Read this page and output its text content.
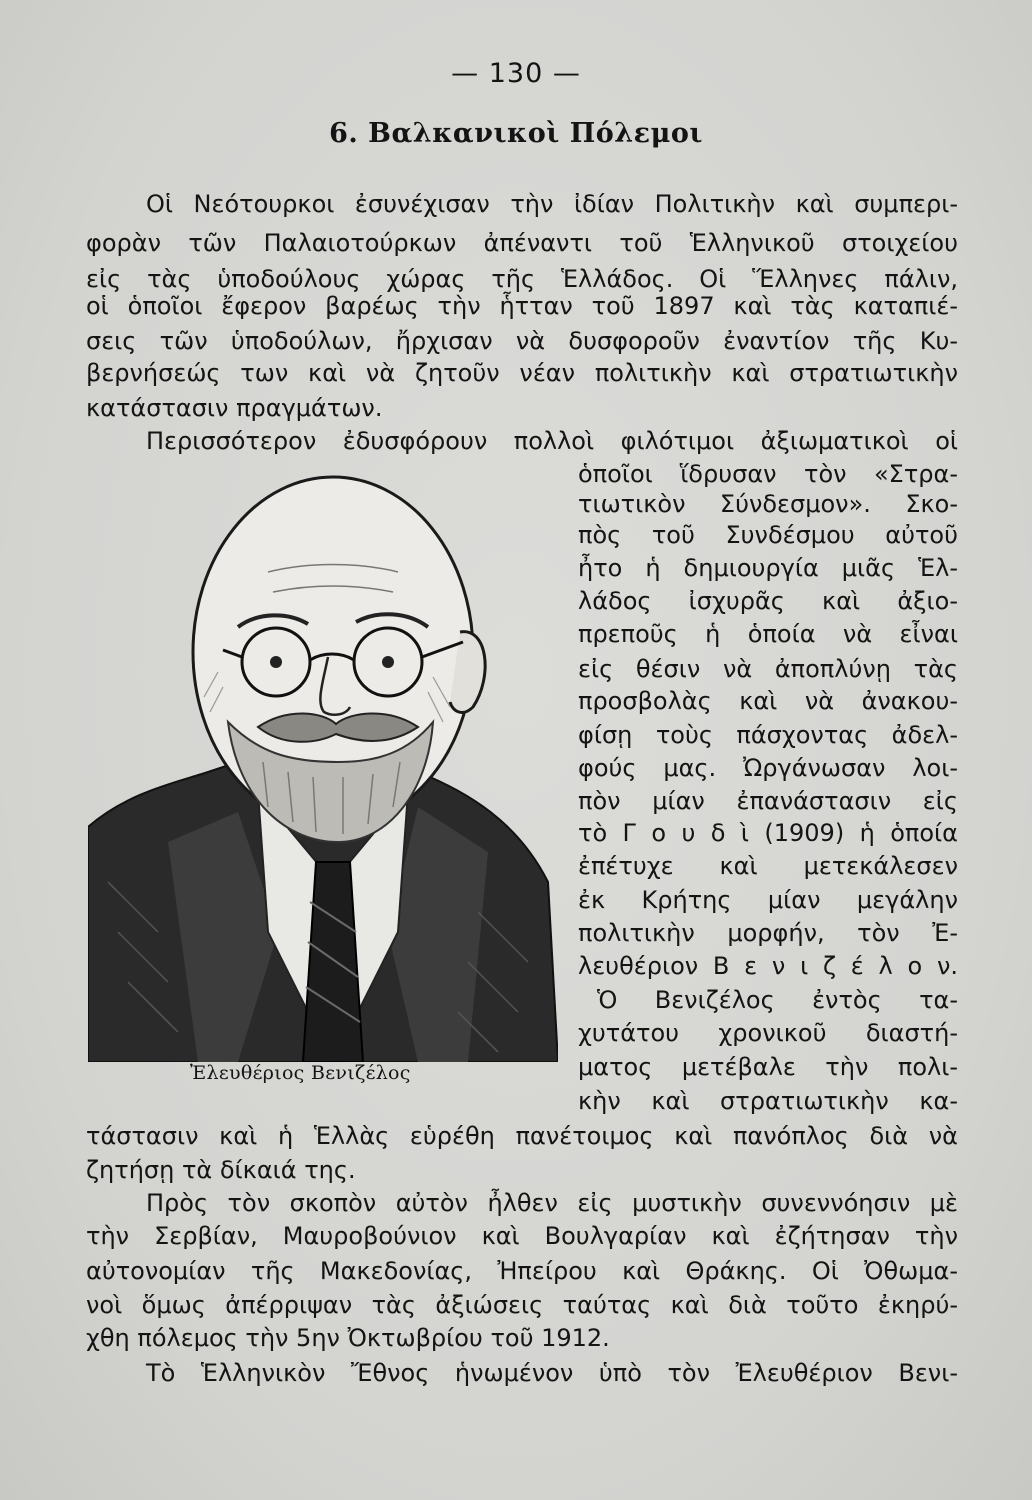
— 130 —
6. Βαλκανικοὶ Πόλεμοι
Οἱ Νεότουρκοι ἐσυνέχισαν τὴν ἰδίαν Πολιτικὴν καὶ συμπερι-
φορὰν τῶν Παλαιοτούρκων ἀπέναντι τοῦ Ἑλληνικοῦ στοιχείου
εἰς τὰς ὑποδούλους χώρας τῆς Ἑλλάδος. Οἱ Ἕλληνες πάλιν,
οἱ ὁποῖοι ἔφερον βαρέως τὴν ἧτταν τοῦ 1897 καὶ τὰς καταπιέ-
σεις τῶν ὑποδούλων, ἤρχισαν νὰ δυσφοροῦν ἐναντίον τῆς Κυ-
βερνήσεώς των καὶ νὰ ζητοῦν νέαν πολιτικὴν καὶ στρατιωτικὴν
κατάστασιν πραγμάτων.
Περισσότερον ἐδυσφόρουν πολλοὶ φιλότιμοι ἀξιωματικοὶ οἱ
ὁποῖοι ἵδρυσαν τὸν «Στρα-
τιωτικὸν Σύνδεσμον». Σκο-
πὸς τοῦ Συνδέσμου αὐτοῦ
ἦτο ἡ δημιουργία μιᾶς Ἑλ-
λάδος ἰσχυρᾶς καὶ ἀξιο-
πρεποῦς ἡ ὁποία νὰ εἶναι
εἰς θέσιν νὰ ἀποπλύνῃ τὰς
προσβολὰς καὶ νὰ ἀνακου-
φίσῃ τοὺς πάσχοντας ἀδελ-
φούς μας. Ὠργάνωσαν λοι-
πὸν μίαν ἐπανάστασιν εἰς
τὸ Γ ο υ δ ὶ (1909) ἡ ὁποία
ἐπέτυχε καὶ μετεκάλεσεν
ἐκ Κρήτης μίαν μεγάλην
πολιτικὴν μορφήν, τὸν Ἐ-
λευθέριον Β ε ν ι ζ έ λ ο ν.
Ὁ Βενιζέλος ἐντὸς τα-
χυτάτου χρονικοῦ διαστή-
ματος μετέβαλε τὴν πολι-
κὴν καὶ στρατιωτικὴν κα-
τάστασιν καὶ ἡ Ἑλλὰς εὑρέθη πανέτοιμος καὶ πανόπλος διὰ νὰ
ζητήσῃ τὰ δίκαιά της.
Πρὸς τὸν σκοπὸν αὐτὸν ἦλθεν εἰς μυστικὴν συνεννόησιν μὲ
τὴν Σερβίαν, Μαυροβούνιον καὶ Βουλγαρίαν καὶ ἐζήτησαν τὴν
αὐτονομίαν τῆς Μακεδονίας, Ἠπείρου καὶ Θράκης. Οἱ Ὀθωμα-
νοὶ ὅμως ἀπέρριψαν τὰς ἀξιώσεις ταύτας καὶ διὰ τοῦτο ἐκηρύ-
χθη πόλεμος τὴν 5ην Ὀκτωβρίου τοῦ 1912.
Τὸ Ἑλληνικὸν Ἔθνος ἡνωμένον ὑπὸ τὸν Ἐλευθέριον Βενι-
Ἐλευθέριος Βενιζέλος
